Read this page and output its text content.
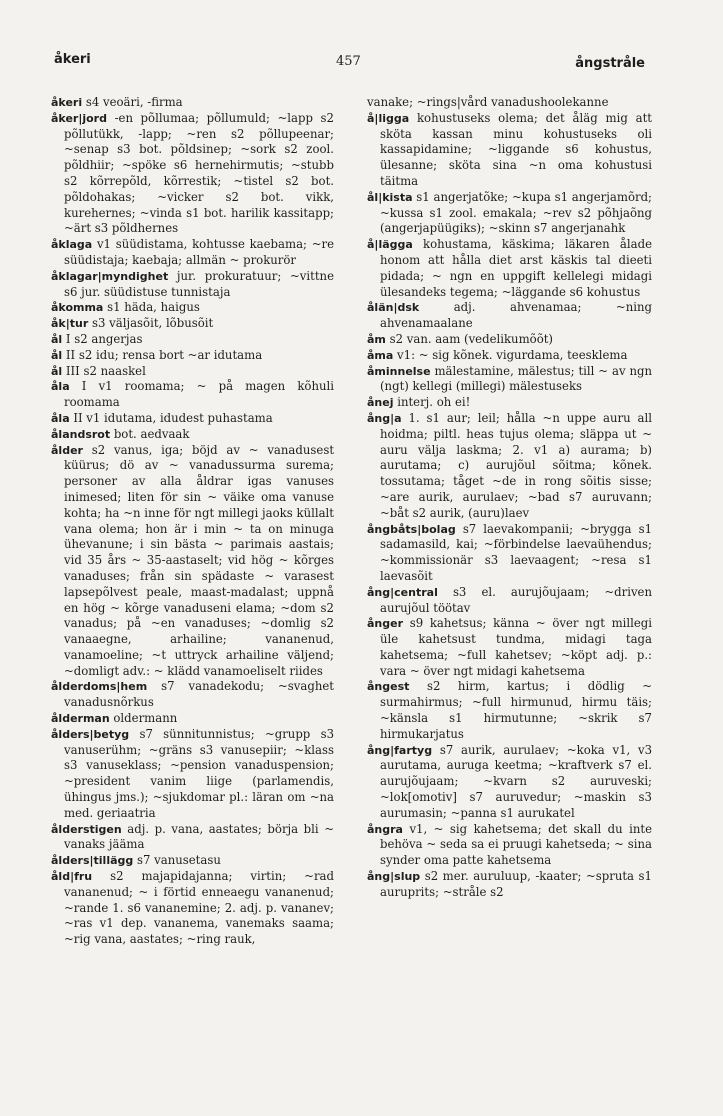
åkeri	457	ångstråle
åkeri s4 veoäri, -firma
åker|jord -en põllumaa; põllumuld; ~lapp s2 põllutükk, -lapp; ~ren s2 põllupeenar; ~senap s3 bot. põldsinep; ~sork s2 zool. põldhiir; ~spöke s6 hernehirmutis; ~stubb s2 kõrrepõld, kõrrestik; ~tistel s2 bot. põldohakas; ~vicker s2 bot. vikk, kurehernes; ~vinda s1 bot. harilik kassitapp; ~ärt s3 põldhernes
åklaga v1 süüdistama, kohtusse kaebama; ~re süüdistaja; kaebaja; allmän ~ prokurör
åklagar|myndighet jur. prokuratuur; ~vittne s6 jur. süüdistuse tunnistaja
åkomma s1 häda, haigus
åk|tur s3 väljasõit, lõbusõit
ål I s2 angerjas
ål II s2 idu; rensa bort ~ar idutama
ål III s2 naaskel
åla I v1 roomama; ~ på magen kõhuli roomama
åla II v1 idutama, idudest puhastama
ålandsrot bot. aedvaak
ålder s2 vanus, iga; böjd av ~ vanadusest küürus; dö av ~ vanadussurma surema; personer av alla åldrar igas vanuses inimesed; liten för sin ~ väike oma vanuse kohta; ha ~n inne för ngt millegi jaoks küllalt vana olema; hon är i min ~ ta on minuga ühevanune; i sin bästa ~ parimais aastais; vid 35 års ~ 35-aastaselt; vid hög ~ kõrges vanaduses; från sin spädaste ~ varasest lapsepõlvest peale, maast-madalast; uppnå en hög ~ kõrge vanaduseni elama; ~dom s2 vanadus; på ~en vanaduses; ~domlig s2 vanaaegne, arhailine; vananenud, vanamoeline; ~t uttryck arhailine väljend; ~domligt adv.: ~ klädd vanamoeliselt riides
ålderdoms|hem s7 vanadekodu; ~svaghet vanadusnõrkus
ålderman oldermann
ålders|betyg s7 sünnitunnistus; ~grupp s3 vanuserühm; ~gräns s3 vanusepiir; ~klass s3 vanuseklass; ~pension vanaduspension; ~president vanim liige (parlamendis, ühingus jms.); ~sjukdomar pl.: läran om ~na med. geriaatria
ålderstigen adj. p. vana, aastates; börja bli ~ vanaks jääma
ålders|tillägg s7 vanusetasu
åld|fru s2 majapidajanna; virtin; ~rad vananenud; ~ i förtid enneaegu vananenud; ~rande 1. s6 vananemine; 2. adj. p. vananev; ~ras v1 dep. vananema, vanemaks saama; ~rig vana, aastates; ~ring rauk,
vanake; ~rings|vård vanadushoolekanne
å|ligga kohustuseks olema; det åläg mig att sköta kassan minu kohustuseks oli kassapidamine; ~liggande s6 kohustus, ülesanne; sköta sina ~n oma kohustusi täitma
ål|kista s1 angerjatõke; ~kupa s1 angerjamõrd; ~kussa s1 zool. emakala; ~rev s2 põhjaõng (angerjapüügiks); ~skinn s7 angerjanahk
å|lägga kohustama, käskima; läkaren ålade honom att hålla diet arst käskis tal dieeti pidada; ~ ngn en uppgift kellelegi midagi ülesandeks tegema; ~läggande s6 kohustus
ålän|dsk	adj. ahvenamaa; ~ning ahvenamaalane
åm s2 van. aam (vedelikumõõt)
åma v1: ~ sig kõnek. vigurdama, teesklema
åminnelse mälestamine, mälestus; till ~ av ngn (ngt) kellegi (millegi) mälestuseks
ånej interj. oh ei!
ång|a 1. s1 aur; leil; hålla ~n uppe auru all hoidma; piltl. heas tujus olema; släppa ut ~ auru välja laskma; 2. v1 a) aurama; b) aurutama; c) aurujõul sõitma; kõnek. tossutama; tåget ~de in rong sõitis sisse; ~are aurik, aurulaev; ~bad s7 auruvann; ~båt s2 aurik, (auru)laev
ångbåts|bolag s7 laevakompanii; ~brygga s1 sadamasild, kai; ~förbindelse laevaühendus; ~kommissionär s3 laevaagent; ~resa s1 laevasõit
ång|central s3 el. aurujõujaam; ~driven aurujõul töötav
ånger s9 kahetsus; känna ~ över ngt millegi üle kahetsust tundma, midagi taga kahetsema; ~full kahetsev; ~köpt adj. p.: vara ~ över ngt midagi kahetsema
ångest s2 hirm, kartus; i dödlig ~ surmahirmus; ~full hirmunud, hirmu täis; ~känsla s1 hirmutunne; ~skrik s7 hirmukarjatus
ång|fartyg s7 aurik, aurulaev; ~koka v1, v3 aurutama, auruga keetma; ~kraftverk s7 el. aurujõujaam; ~kvarn s2 auruveski; ~lok[omotiv] s7 auruvedur; ~maskin s3 aurumasin; ~panna s1 aurukatel
ångra v1, ~ sig kahetsema; det skall du inte behöva ~ seda sa ei pruugi kahetseda; ~ sina synder oma patte kahetsema
ång|slup s2 mer. auruluup, -kaater; ~spruta s1 auruprits; ~stråle s2
